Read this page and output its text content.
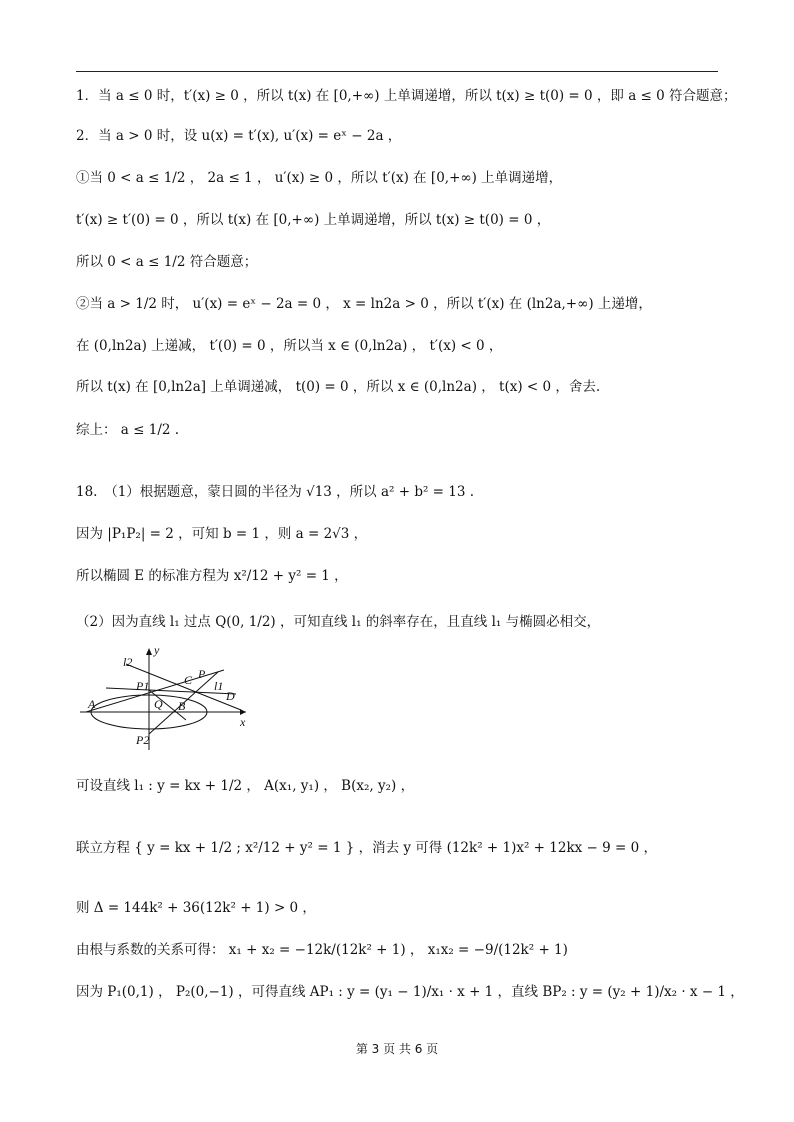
1．当 a ≤ 0 时，t′(x) ≥ 0 ，所以 t(x) 在 [0,+∞) 上单调递增，所以 t(x) ≥ t(0) = 0 ，即 a ≤ 0 符合题意；
2．当 a > 0 时，设 u(x) = t′(x), u′(x) = eˣ − 2a ，
①当 0 < a ≤ 1/2 ， 2a ≤ 1 ， u′(x) ≥ 0 ，所以 t′(x) 在 [0,+∞) 上单调递增，
t′(x) ≥ t′(0) = 0 ，所以 t(x) 在 [0,+∞) 上单调递增，所以 t(x) ≥ t(0) = 0 ，
所以 0 < a ≤ 1/2 符合题意；
②当 a > 1/2 时， u′(x) = eˣ − 2a = 0 ， x = ln2a > 0 ，所以 t′(x) 在 (ln2a,+∞) 上递增，
在 (0,ln2a) 上递减， t′(0) = 0 ，所以当 x ∈ (0,ln2a) ， t′(x) < 0 ，
所以 t(x) 在 [0,ln2a] 上单调递减， t(0) = 0 ，所以 x ∈ (0,ln2a) ， t(x) < 0 ，舍去.
综上： a ≤ 1/2 .
18.　（1）根据题意，蒙日圆的半径为 √13 ，所以 a² + b² = 13 .
因为 |P₁P₂| = 2 ，可知 b = 1 ，则 a = 2√3 ，
所以椭圆 E 的标准方程为 x²/12 + y² = 1 ，
（2）因为直线 l₁ 过点 Q(0, 1/2) ，可知直线 l₁ 的斜率存在，且直线 l₁ 与椭圆必相交，
y
l2
P
C l1
P1
D
A	Q B
x
P2
可设直线 l₁ : y = kx + 1/2 ， A(x₁, y₁) ， B(x₂, y₂) ，
联立方程 { y = kx + 1/2 ; x²/12 + y² = 1 } ，消去 y 可得 (12k² + 1)x² + 12kx − 9 = 0 ，
则 Δ = 144k² + 36(12k² + 1) > 0 ，
由根与系数的关系可得： x₁ + x₂ = −12k/(12k² + 1) ， x₁x₂ = −9/(12k² + 1)
因为 P₁(0,1) ， P₂(0,−1) ，可得直线 AP₁ : y = (y₁ − 1)/x₁ · x + 1 ，直线 BP₂ : y = (y₂ + 1)/x₂ · x − 1 ，
第 3 页 共 6 页
